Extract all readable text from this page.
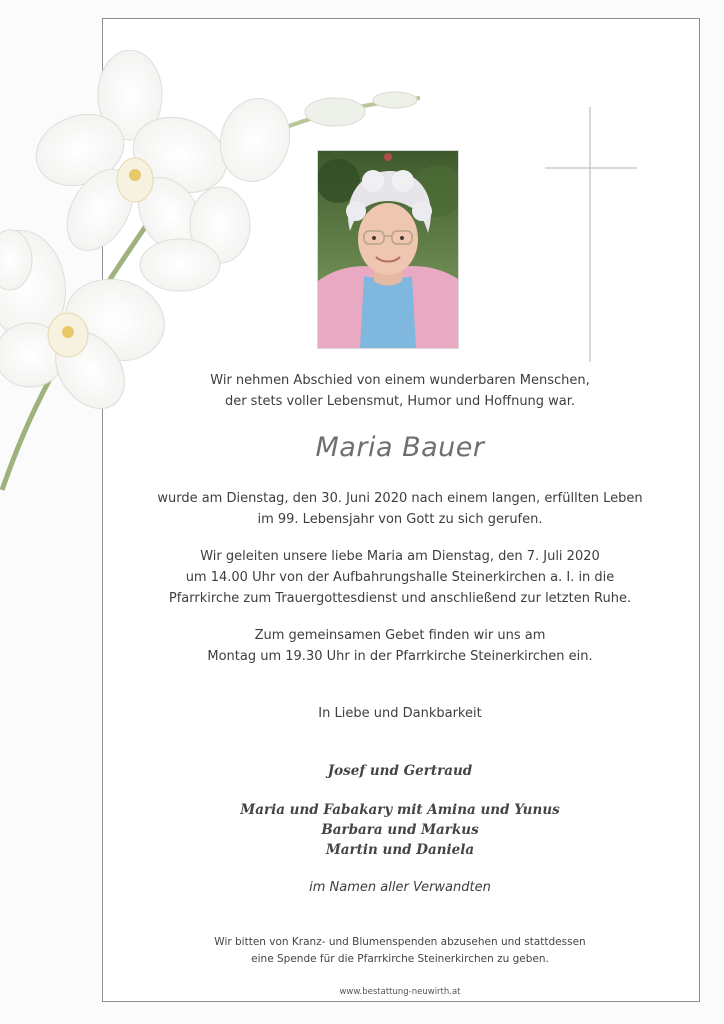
Wir nehmen Abschied von einem wunderbaren Menschen,
der stets voller Lebensmut, Humor und Hoffnung war.
Maria Bauer
wurde am Dienstag, den 30. Juni 2020 nach einem langen, erfüllten Leben
im 99. Lebensjahr von Gott zu sich gerufen.
Wir geleiten unsere liebe Maria am Dienstag, den 7. Juli 2020
um 14.00 Uhr von der Aufbahrungshalle Steinerkirchen a. I. in die
Pfarrkirche zum Trauergottesdienst und anschließend zur letzten Ruhe.
Zum gemeinsamen Gebet finden wir uns am
Montag um 19.30 Uhr in der Pfarrkirche Steinerkirchen ein.
In Liebe und Dankbarkeit
Josef und Gertraud
Maria und Fabakary mit Amina und Yunus
Barbara und Markus
Martin und Daniela
im Namen aller Verwandten
Wir bitten von Kranz- und Blumenspenden abzusehen und stattdessen
eine Spende für die Pfarrkirche Steinerkirchen zu geben.
www.bestattung-neuwirth.at
